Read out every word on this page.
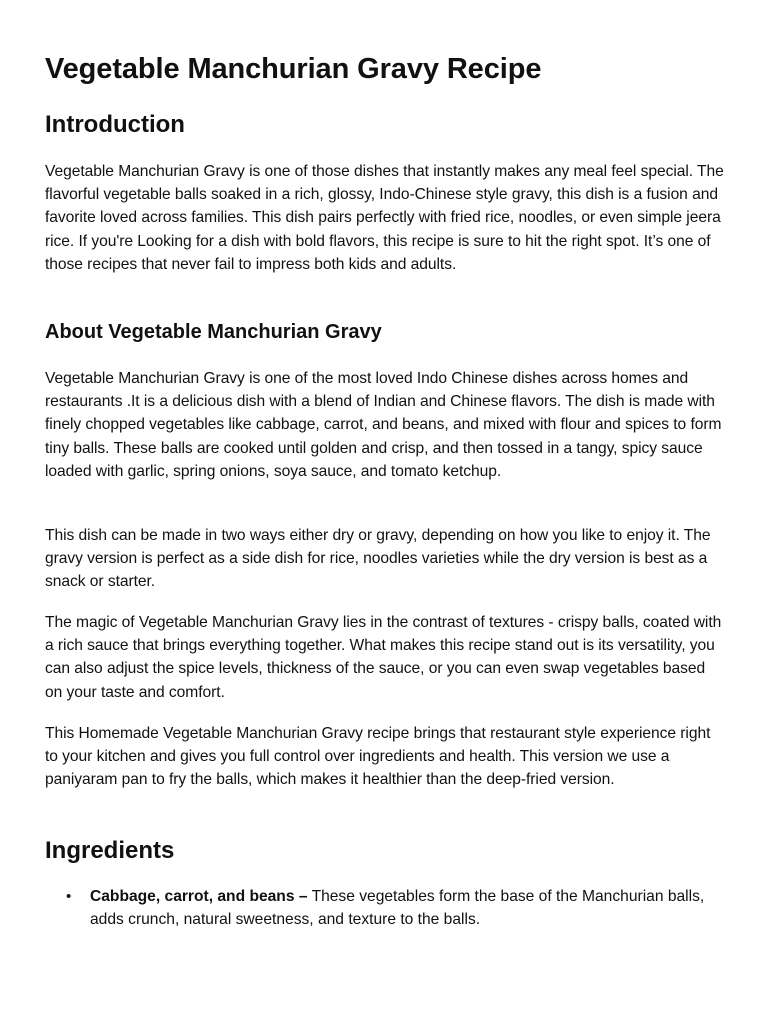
Vegetable Manchurian Gravy Recipe
Introduction

Vegetable Manchurian Gravy is one of those dishes that instantly makes any meal feel special. The flavorful vegetable balls soaked in a rich, glossy, Indo-Chinese style gravy, this dish is a fusion and favorite loved across families. This dish pairs perfectly with fried rice, noodles, or even simple jeera rice. If you're Looking for a dish with bold flavors, this recipe is sure to hit the right spot. It’s one of those recipes that never fail to impress both kids and adults.

About Vegetable Manchurian Gravy

Vegetable Manchurian Gravy is one of the most loved Indo Chinese dishes across homes and restaurants .It is a delicious dish with a blend of Indian and Chinese flavors. The dish is made with finely chopped vegetables like cabbage, carrot, and beans, and mixed with flour and spices to form tiny balls. These balls are cooked until golden and crisp, and then tossed in a tangy, spicy sauce loaded with garlic, spring onions, soya sauce, and tomato ketchup.

This dish can be made in two ways either dry or gravy, depending on how you like to enjoy it. The gravy version is perfect as a side dish for rice, noodles varieties while the dry version is best as a snack or starter.

The magic of Vegetable Manchurian Gravy lies in the contrast of textures - crispy balls, coated with a rich sauce that brings everything together. What makes this recipe stand out is its versatility, you can also adjust the spice levels, thickness of the sauce, or you can even swap vegetables based on your taste and comfort.

This Homemade Vegetable Manchurian Gravy recipe brings that restaurant style experience right to your kitchen and gives you full control over ingredients and health. This version we use a paniyaram pan to fry the balls, which makes it healthier than the deep-fried version.

Ingredients
• Cabbage, carrot, and beans – These vegetables form the base of the Manchurian balls, adds crunch, natural sweetness, and texture to the balls.
